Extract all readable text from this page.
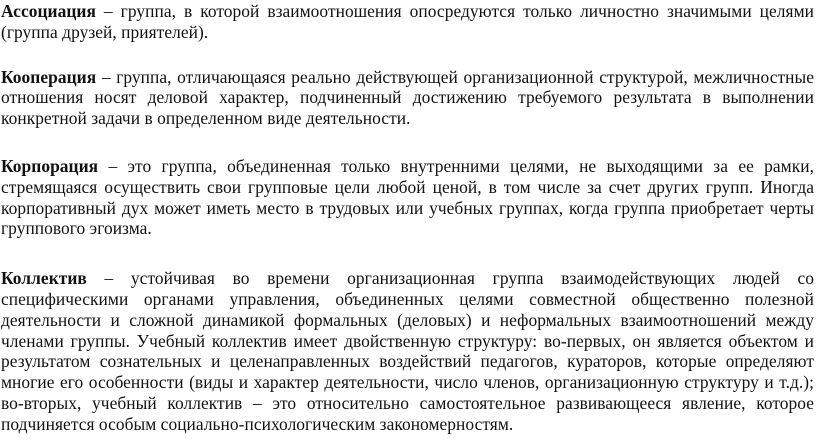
Ассоциация – группа, в которой взаимоотношения опосредуются только личностно значимыми целями (группа друзей, приятелей).

Кооперация – группа, отличающаяся реально действующей организационной структурой, межличностные отношения носят деловой характер, подчиненный достижению требуемого результата в выполнении конкретной задачи в определенном виде деятельности.

Корпорация – это группа, объединенная только внутренними целями, не выходящими за ее рамки, стремящаяся осуществить свои групповые цели любой ценой, в том числе за счет других групп. Иногда корпоративный дух может иметь место в трудовых или учебных группах, когда группа приобретает черты группового эгоизма.

Коллектив – устойчивая во времени организационная группа взаимодействующих людей со специфическими органами управления, объединенных целями совместной общественно полезной деятельности и сложной динамикой формальных (деловых) и неформальных взаимоотношений между членами группы. Учебный коллектив имеет двойственную структуру: во-первых, он является объектом и результатом сознательных и целенаправленных воздействий педагогов, кураторов, которые определяют многие его особенности (виды и характер деятельности, число членов, организационную структуру и т.д.); во-вторых, учебный коллектив – это относительно самостоятельное развивающееся явление, которое подчиняется особым социально-психологическим закономерностям.
